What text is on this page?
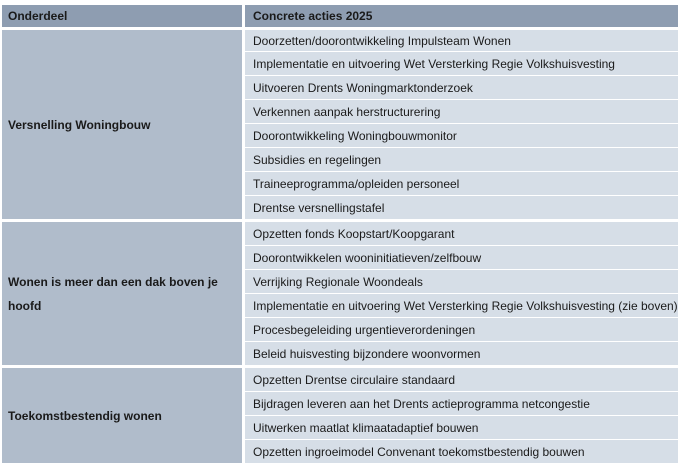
Onderdeel	Concrete acties 2025
Versnelling Woningbouw	Doorzetten/doorontwikkeling Impulsteam Wonen
	Implementatie en uitvoering Wet Versterking Regie Volkshuisvesting
	Uitvoeren Drents Woningmarktonderzoek
	Verkennen aanpak herstructurering
	Doorontwikkeling Woningbouwmonitor
	Subsidies en regelingen
	Traineeprogramma/opleiden personeel
	Drentse versnellingstafel
Wonen is meer dan een dak boven je hoofd	Opzetten fonds Koopstart/Koopgarant
	Doorontwikkelen wooninitiatieven/zelfbouw
	Verrijking Regionale Woondeals
	Implementatie en uitvoering Wet Versterking Regie Volkshuisvesting (zie boven)
	Procesbegeleiding urgentieverordeningen
	Beleid huisvesting bijzondere woonvormen
Toekomstbestendig wonen	Opzetten Drentse circulaire standaard
	Bijdragen leveren aan het Drents actieprogramma netcongestie
	Uitwerken maatlat klimaatadaptief bouwen
	Opzetten ingroeimodel Convenant toekomstbestendig bouwen
